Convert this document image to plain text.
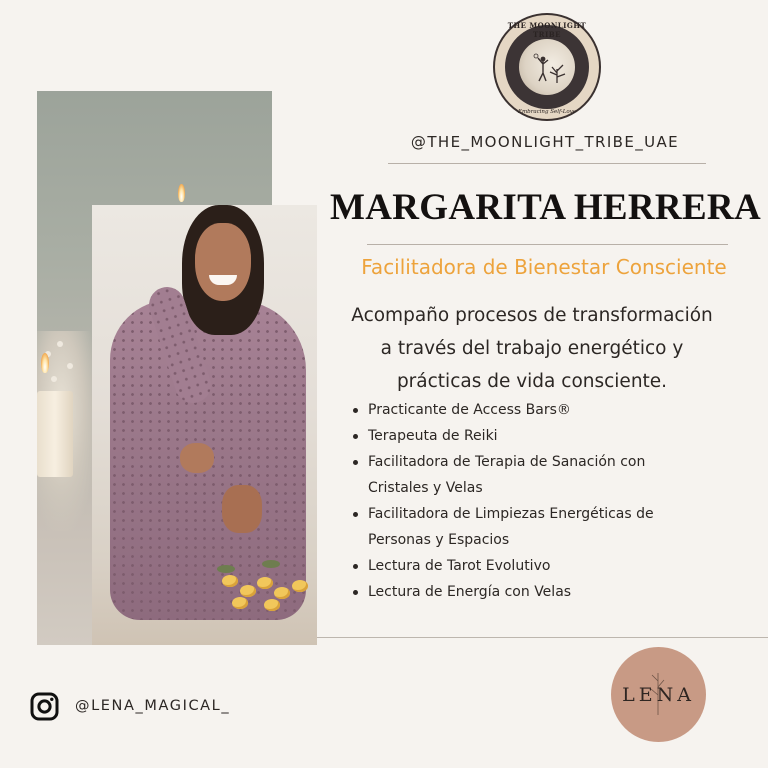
THE MOONLIGHT TRIBE
Embracing Self-Love
@THE_MOONLIGHT_TRIBE_UAE
MARGARITA HERRERA
Facilitadora de Bienestar Consciente
Acompaño procesos de transformación
a través del trabajo energético y
prácticas de vida consciente.
Practicante de Access Bars®
Terapeuta de Reiki
Facilitadora de Terapia de Sanación con
Cristales y Velas
Facilitadora de Limpiezas Energéticas de
Personas y Espacios
Lectura de Tarot Evolutivo
Lectura de Energía con Velas
@LENA_MAGICAL_
LENA
